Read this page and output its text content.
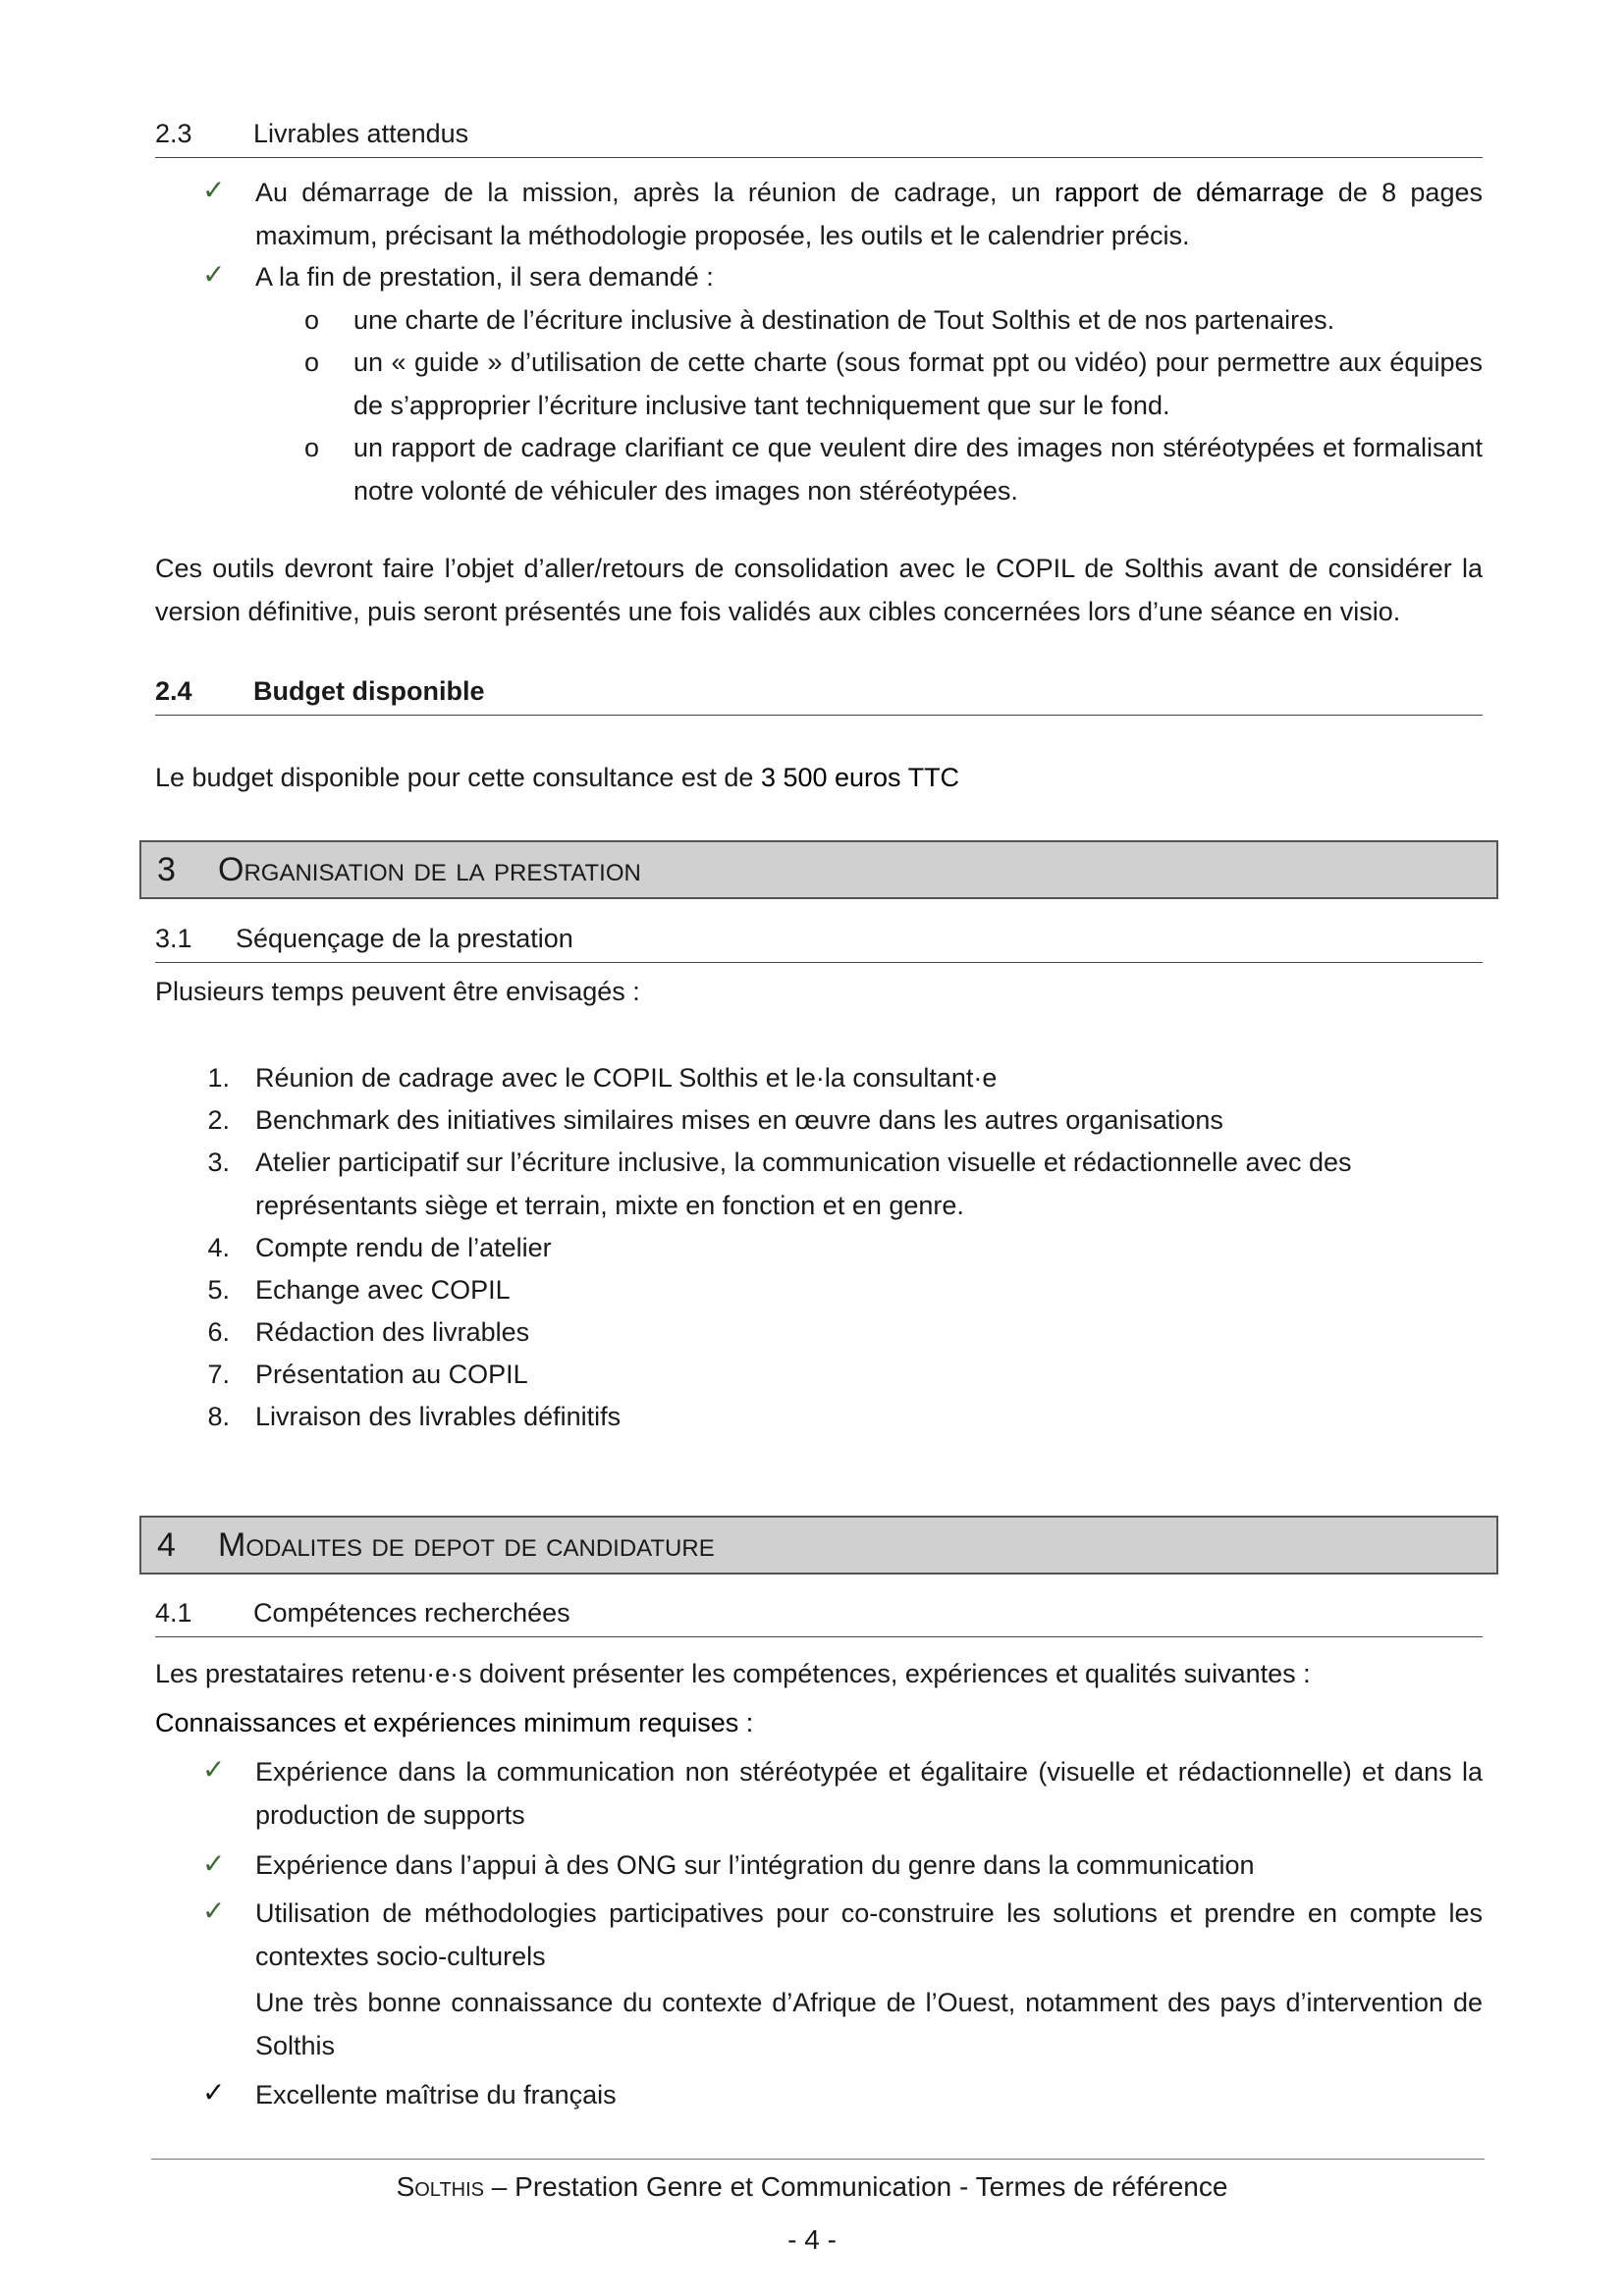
2.3 Livrables attendus
✓ Au démarrage de la mission, après la réunion de cadrage, un rapport de démarrage de 8 pages maximum, précisant la méthodologie proposée, les outils et le calendrier précis.

✓ A la fin de prestation, il sera demandé :

o une charte de l’écriture inclusive à destination de Tout Solthis et de nos partenaires.

o un « guide » d’utilisation de cette charte (sous format ppt ou vidéo) pour permettre aux équipes de s’approprier l’écriture inclusive tant techniquement que sur le fond.

o un rapport de cadrage clarifiant ce que veulent dire des images non stéréotypées et formalisant notre volonté de véhiculer des images non stéréotypées.

Ces outils devront faire l’objet d’aller/retours de consolidation avec le COPIL de Solthis avant de considérer la version définitive, puis seront présentés une fois validés aux cibles concernées lors d’une séance en visio.

2.4 Budget disponible

Le budget disponible pour cette consultance est de 3 500 euros TTC

3 Organisation de la prestation
3.1 Séquençage de la prestation

Plusieurs temps peuvent être envisagés :

1. Réunion de cadrage avec le COPIL Solthis et le·la consultant·e

2. Benchmark des initiatives similaires mises en œuvre dans les autres organisations

3. Atelier participatif sur l’écriture inclusive, la communication visuelle et rédactionnelle avec des représentants siège et terrain, mixte en fonction et en genre.

4. Compte rendu de l’atelier

5. Echange avec COPIL

6. Rédaction des livrables

7. Présentation au COPIL

8. Livraison des livrables définitifs

4 Modalites de depot de candidature
4.1 Compétences recherchées

Les prestataires retenu·e·s doivent présenter les compétences, expériences et qualités suivantes :

Connaissances et expériences minimum requises :

✓ Expérience dans la communication non stéréotypée et égalitaire (visuelle et rédactionnelle) et dans la production de supports

✓ Expérience dans l’appui à des ONG sur l’intégration du genre dans la communication

✓ Utilisation de méthodologies participatives pour co-construire les solutions et prendre en compte les contextes socio-culturels

Une très bonne connaissance du contexte d’Afrique de l’Ouest, notamment des pays d’intervention de Solthis

✓ Excellente maîtrise du français

Solthis – Prestation Genre et Communication - Termes de référence
- 4 -
